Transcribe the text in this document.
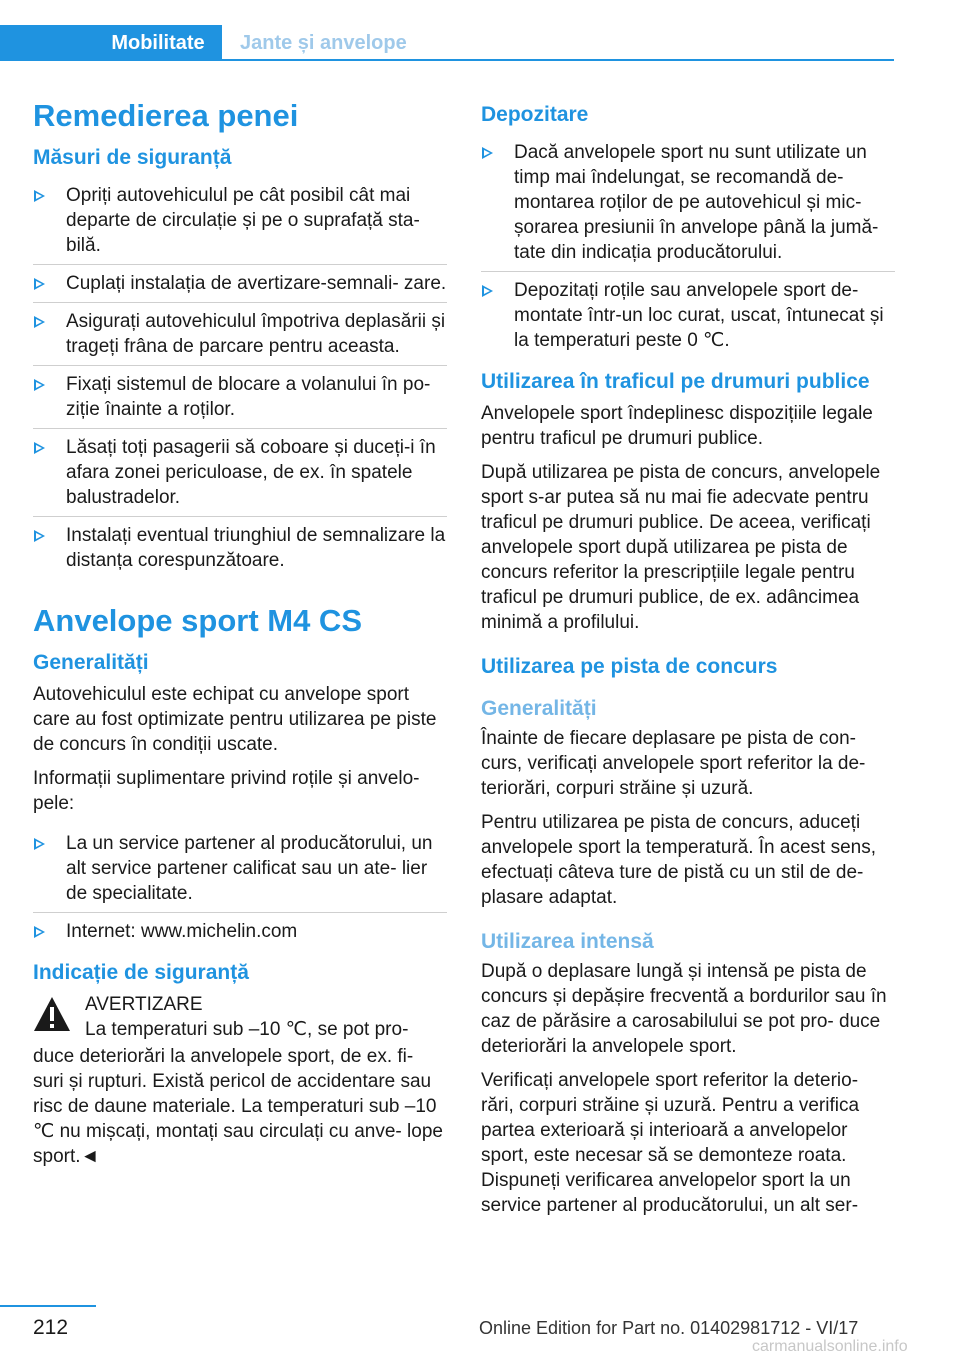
Mobilitate	Jante și anvelope
Remedierea penei
Măsuri de siguranță
Opriți autovehiculul pe cât posibil cât mai departe de circulație și pe o suprafață sta‐ bilă.
Cuplați instalația de avertizare-semnali‐ zare.
Asigurați autovehiculul împotriva deplasării și trageți frâna de parcare pentru aceasta.
Fixați sistemul de blocare a volanului în po‐ ziție înainte a roților.
Lăsați toți pasagerii să coboare și duceți-i în afara zonei periculoase, de ex. în spatele balustradelor.
Instalați eventual triunghiul de semnalizare la distanța corespunzătoare.
Anvelope sport M4 CS
Generalități
Autovehiculul este echipat cu anvelope sport care au fost optimizate pentru utilizarea pe piste de concurs în condiții uscate.
Informații suplimentare privind roțile și anvelo‐ pele:
La un service partener al producătorului, un alt service partener calificat sau un ate‐ lier de specialitate.
Internet: www.michelin.com
Indicație de siguranță
AVERTIZARE
La temperaturi sub –10 ℃, se pot pro‐
duce deteriorări la anvelopele sport, de ex. fi‐ suri și rupturi. Există pericol de accidentare sau risc de daune materiale. La temperaturi sub –10 ℃ nu mișcați, montați sau circulați cu anve‐ lope sport.◄
Depozitare
Dacă anvelopele sport nu sunt utilizate un timp mai îndelungat, se recomandă de‐ montarea roților de pe autovehicul și mic‐ șorarea presiunii în anvelope până la jumă‐ tate din indicația producătorului.
Depozitați roțile sau anvelopele sport de‐ montate într-un loc curat, uscat, întunecat și la temperaturi peste 0 ℃.
Utilizarea în traficul pe drumuri publice
Anvelopele sport îndeplinesc dispozițiile legale pentru traficul pe drumuri publice.
După utilizarea pe pista de concurs, anvelopele sport s-ar putea să nu mai fie adecvate pentru traficul pe drumuri publice. De aceea, verificați anvelopele sport după utilizarea pe pista de concurs referitor la prescripțiile legale pentru traficul pe drumuri publice, de ex. adâncimea minimă a profilului.
Utilizarea pe pista de concurs
Generalități
Înainte de fiecare deplasare pe pista de con‐ curs, verificați anvelopele sport referitor la de‐ teriorări, corpuri străine și uzură.
Pentru utilizarea pe pista de concurs, aduceți anvelopele sport la temperatură. În acest sens, efectuați câteva ture de pistă cu un stil de de‐ plasare adaptat.
Utilizarea intensă
După o deplasare lungă și intensă pe pista de concurs și depășire frecventă a bordurilor sau în caz de părăsire a carosabilului se pot pro‐ duce deteriorări la anvelopele sport.
Verificați anvelopele sport referitor la deterio‐ rări, corpuri străine și uzură. Pentru a verifica partea exterioară și interioară a anvelopelor sport, este necesar să se demonteze roata. Dispuneți verificarea anvelopelor sport la un service partener al producătorului, un alt ser‐
212	Online Edition for Part no. 01402981712 - VI/17
carmanualsonline.info
